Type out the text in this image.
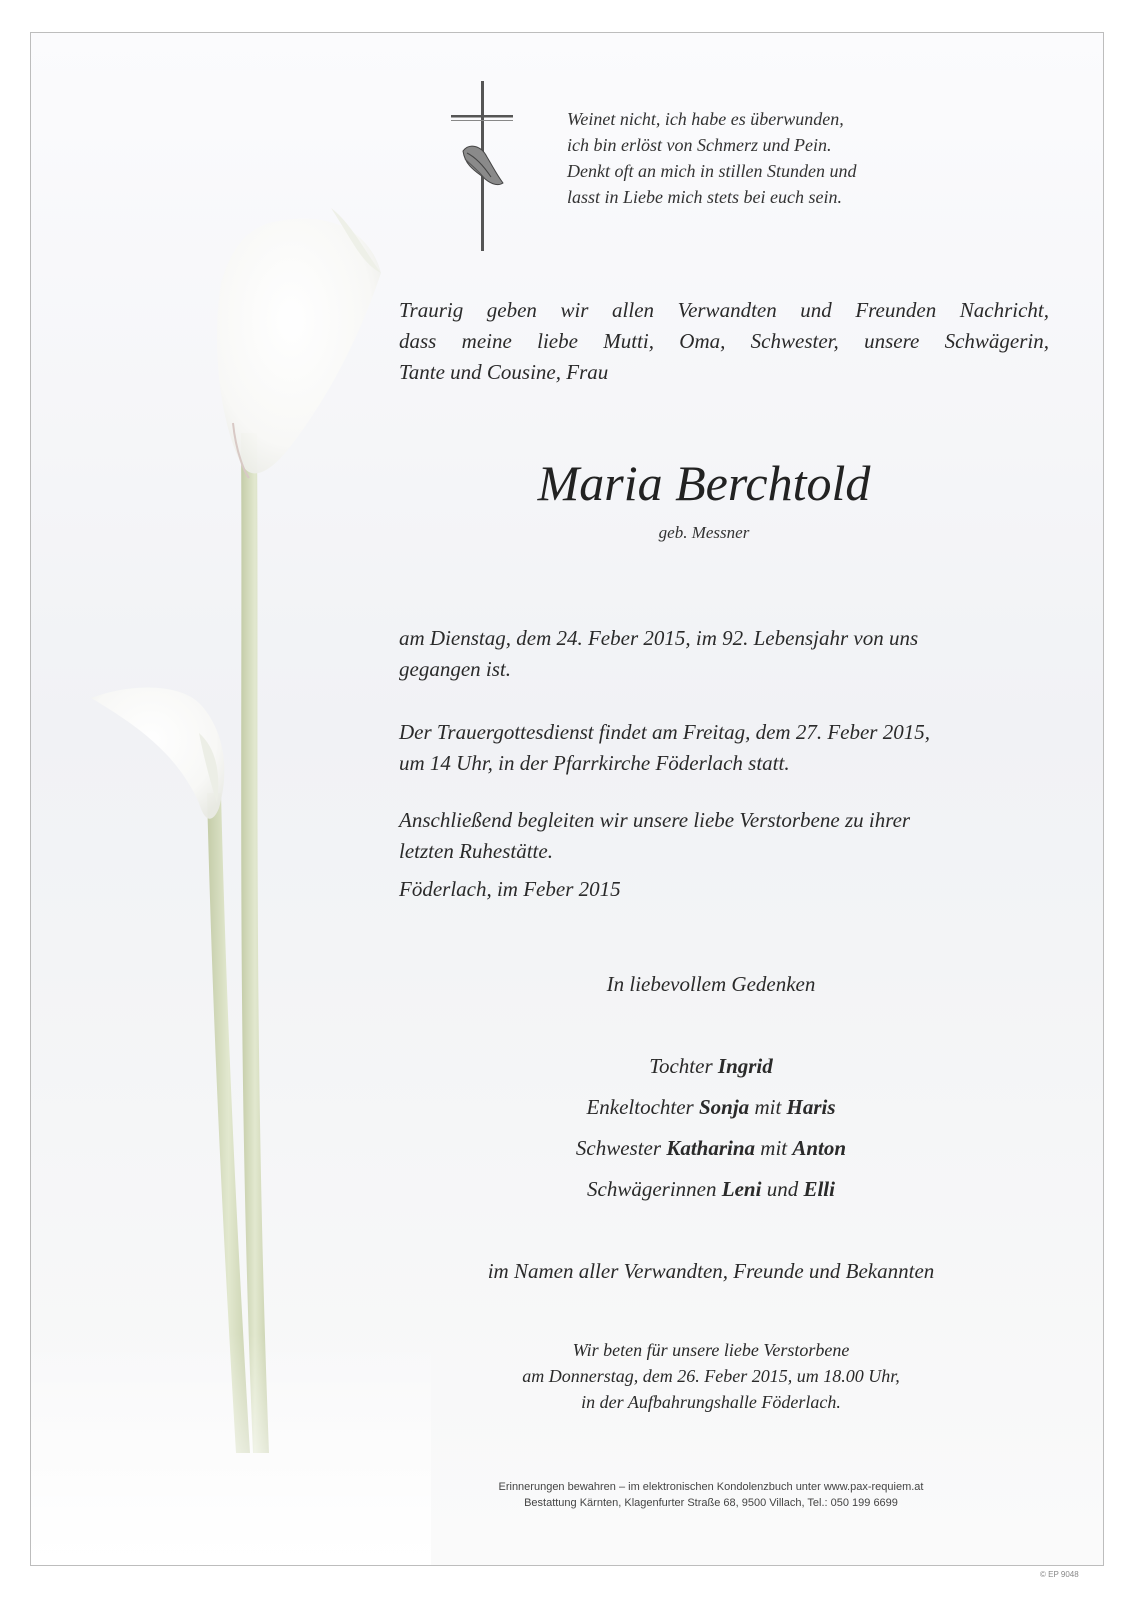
Weinet nicht, ich habe es überwunden,
ich bin erlöst von Schmerz und Pein.
Denkt oft an mich in stillen Stunden und
lasst in Liebe mich stets bei euch sein.
Traurig geben wir allen Verwandten und Freunden Nachricht,
dass meine liebe Mutti, Oma, Schwester, unsere Schwägerin,
Tante und Cousine, Frau
Maria Berchtold
geb. Messner
am Dienstag, dem 24. Feber 2015, im 92. Lebensjahr von uns
gegangen ist.
Der Trauergottesdienst findet am Freitag, dem 27. Feber 2015,
um 14 Uhr, in der Pfarrkirche Föderlach statt.
Anschließend begleiten wir unsere liebe Verstorbene zu ihrer
letzten Ruhestätte.
Föderlach, im Feber 2015
In liebevollem Gedenken
Tochter Ingrid
Enkeltochter Sonja mit Haris
Schwester Katharina mit Anton
Schwägerinnen Leni und Elli
im Namen aller Verwandten, Freunde und Bekannten
Wir beten für unsere liebe Verstorbene
am Donnerstag, dem 26. Feber 2015, um 18.00 Uhr,
in der Aufbahrungshalle Föderlach.
Erinnerungen bewahren – im elektronischen Kondolenzbuch unter www.pax-requiem.at
Bestattung Kärnten, Klagenfurter Straße 68, 9500 Villach, Tel.: 050 199 6699
© EP 9048
